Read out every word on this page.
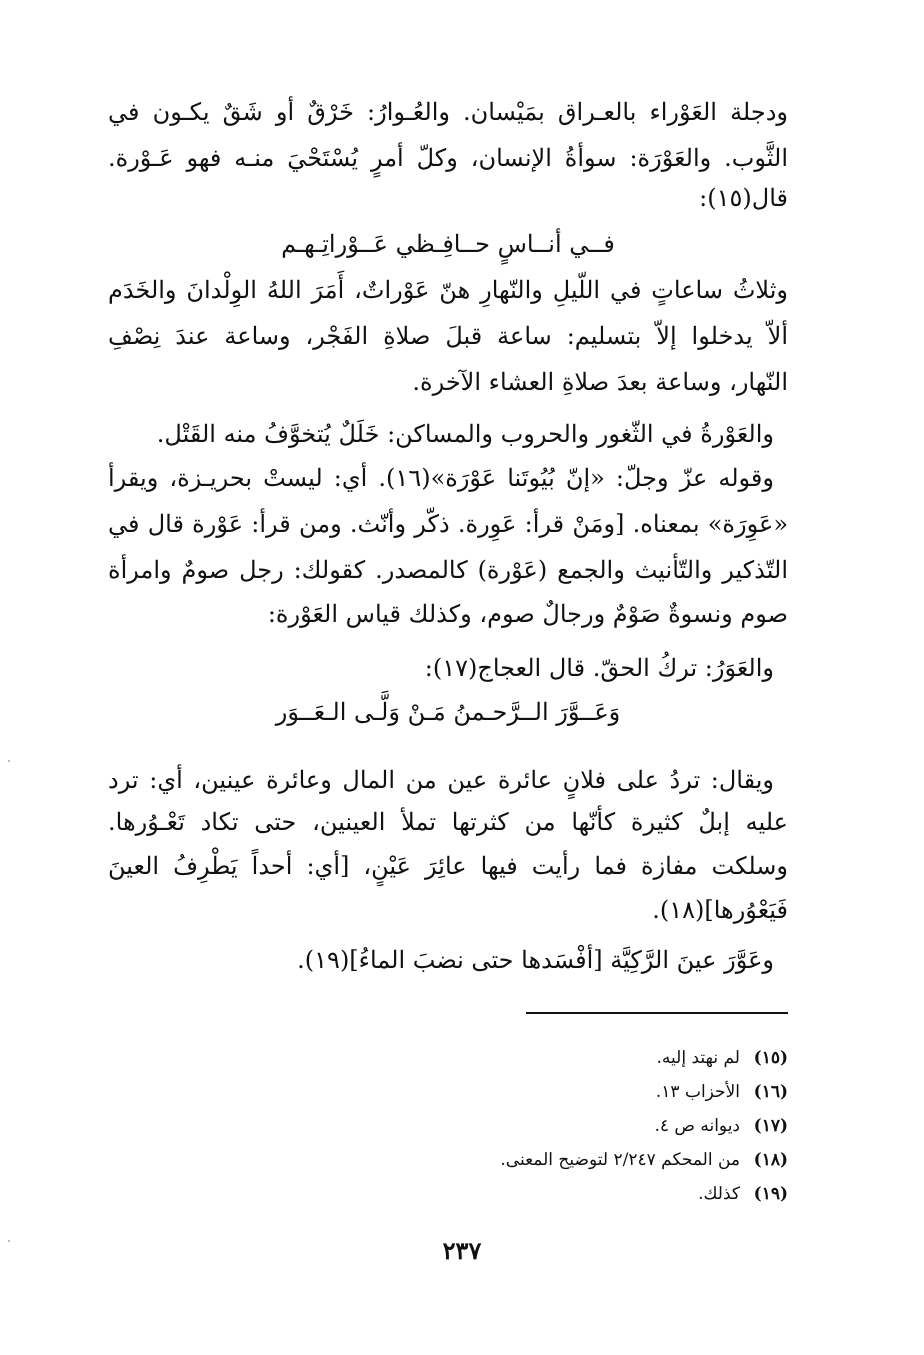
ودجلة العَوْراء بالعـراق بمَيْسان. والعُـوارُ: خَرْقٌ أو شَقٌ يكـون في
الثَّوب. والعَوْرَة: سوأةُ الإنسان، وكلّ أمرٍ يُسْتَحْيَ منـه فهو عَـوْرة.
قال(١٥):
فــي أنــاسٍ حــافِـظي عَــوْراتِـهـم
وثلاثُ ساعاتٍ في اللّيلِ والنّهارِ هنّ عَوْراتٌ، أَمَرَ اللهُ الوِلْدانَ والخَدَم
ألاّ يدخلوا إلاّ بتسليم: ساعة قبلَ صلاةِ الفَجْر، وساعة عندَ نِصْفِ
النّهار، وساعة بعدَ صلاةِ العشاء الآخرة.
والعَوْرةُ في الثّغور والحروب والمساكن: خَلَلٌ يُتخوَّفُ منه القَتْل.
وقوله عزّ وجلّ: «إنّ بُيُوتَنا عَوْرَة»(١٦). أي: ليستْ بحريـزة، ويقرأ
«عَوِرَة» بمعناه. [ومَنْ قرأ: عَوِرة. ذكّر وأنّث. ومن قرأ: عَوْرة قال في
التّذكير والتّأنيث والجمع (عَوْرة) كالمصدر. كقولك: رجل صومٌ وامرأة
صوم ونسوةٌ صَوْمٌ ورجالٌ صوم، وكذلك قياس العَوْرة:
والعَوَرُ: تركُ الحقّ. قال العجاج(١٧):
وَعَــوَّرَ الــرَّحـمنُ مَـنْ وَلَّـى الـعَــوَر
ويقال: تردُ على فلانٍ عائرة عين من المال وعائرة عينين، أي: ترد
عليه إبلٌ كثيرة كأنّها من كثرتها تملأ العينين، حتى تكاد تَعْـوُرها.
وسلكت مفازة فما رأيت فيها عائِرَ عَيْنٍ، [أي: أحداً يَطْرِفُ العينَ
فَيَعْوُرها](١٨).
وعَوَّرَ عينَ الرَّكِيَّة [أفْسَدها حتى نضبَ الماءُ](١٩).
(١٥)لم نهتد إليه.
(١٦)الأحزاب ١٣.
(١٧)ديوانه ص ٤.
(١٨)من المحكم ٢/٢٤٧ لتوضيح المعنى.
(١٩)كذلك.
٢٣٧
